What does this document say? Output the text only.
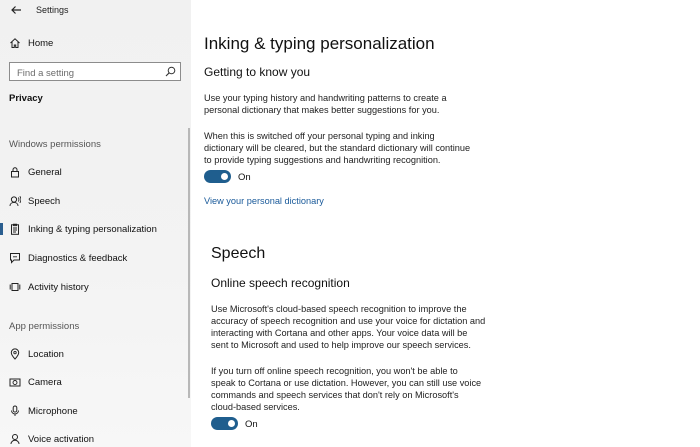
Settings
Home
Find a setting
Privacy
Windows permissions
General
Speech
Inking & typing personalization
Diagnostics & feedback
Activity history
App permissions
Location
Camera
Microphone
Voice activation
Inking & typing personalization
Getting to know you
Use your typing history and handwriting patterns to create a
personal dictionary that makes better suggestions for you.
When this is switched off your personal typing and inking
dictionary will be cleared, but the standard dictionary will continue
to provide typing suggestions and handwriting recognition.
On
View your personal dictionary
Speech
Online speech recognition
Use Microsoft's cloud-based speech recognition to improve the
accuracy of speech recognition and use your voice for dictation and
interacting with Cortana and other apps. Your voice data will be
sent to Microsoft and used to help improve our speech services.
If you turn off online speech recognition, you won't be able to
speak to Cortana or use dictation. However, you can still use voice
commands and speech services that don't rely on Microsoft's
cloud-based services.
On
